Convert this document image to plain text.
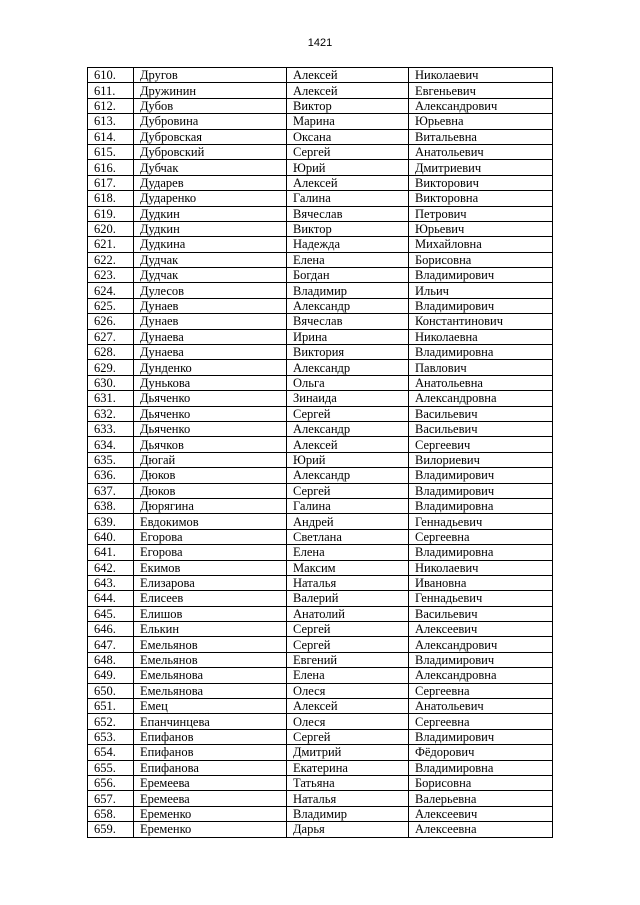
1421
610.	Другов	Алексей	Николаевич
611.	Дружинин	Алексей	Евгеньевич
612.	Дубов	Виктор	Александрович
613.	Дубровина	Марина	Юрьевна
614.	Дубровская	Оксана	Витальевна
615.	Дубровский	Сергей	Анатольевич
616.	Дубчак	Юрий	Дмитриевич
617.	Дударев	Алексей	Викторович
618.	Дударенко	Галина	Викторовна
619.	Дудкин	Вячеслав	Петрович
620.	Дудкин	Виктор	Юрьевич
621.	Дудкина	Надежда	Михайловна
622.	Дудчак	Елена	Борисовна
623.	Дудчак	Богдан	Владимирович
624.	Дулесов	Владимир	Ильич
625.	Дунаев	Александр	Владимирович
626.	Дунаев	Вячеслав	Константинович
627.	Дунаева	Ирина	Николаевна
628.	Дунаева	Виктория	Владимировна
629.	Дунденко	Александр	Павлович
630.	Дунькова	Ольга	Анатольевна
631.	Дьяченко	Зинаида	Александровна
632.	Дьяченко	Сергей	Васильевич
633.	Дьяченко	Александр	Васильевич
634.	Дьячков	Алексей	Сергеевич
635.	Дюгай	Юрий	Вилориевич
636.	Дюков	Александр	Владимирович
637.	Дюков	Сергей	Владимирович
638.	Дюрягина	Галина	Владимировна
639.	Евдокимов	Андрей	Геннадьевич
640.	Егорова	Светлана	Сергеевна
641.	Егорова	Елена	Владимировна
642.	Екимов	Максим	Николаевич
643.	Елизарова	Наталья	Ивановна
644.	Елисеев	Валерий	Геннадьевич
645.	Елишов	Анатолий	Васильевич
646.	Елькин	Сергей	Алексеевич
647.	Емельянов	Сергей	Александрович
648.	Емельянов	Евгений	Владимирович
649.	Емельянова	Елена	Александровна
650.	Емельянова	Олеся	Сергеевна
651.	Емец	Алексей	Анатольевич
652.	Епанчинцева	Олеся	Сергеевна
653.	Епифанов	Сергей	Владимирович
654.	Епифанов	Дмитрий	Фёдорович
655.	Епифанова	Екатерина	Владимировна
656.	Еремеева	Татьяна	Борисовна
657.	Еремеева	Наталья	Валерьевна
658.	Еременко	Владимир	Алексеевич
659.	Еременко	Дарья	Алексеевна
